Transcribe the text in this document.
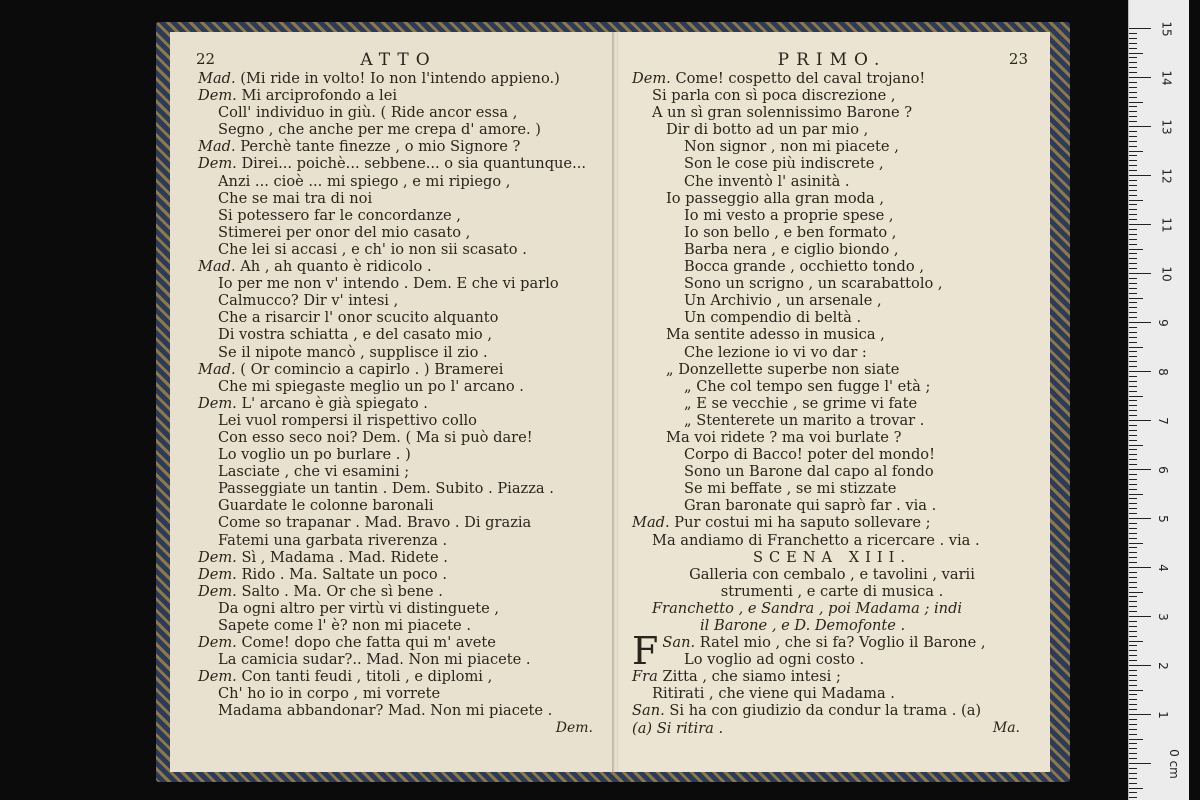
22	ATTO
Mad. (Mi ride in volto! Io non l'intendo appieno.)
Dem. Mi arciprofondo a lei
Coll' individuo in giù. ( Ride ancor essa ,
Segno , che anche per me crepa d' amore. )
Mad. Perchè tante finezze , o mio Signore ?
Dem. Direi... poichè... sebbene... o sia quantunque...
Anzi ... cioè ... mi spiego , e mi ripiego ,
Che se mai tra di noi
Si potessero far le concordanze ,
Stimerei per onor del mio casato ,
Che lei si accasi , e ch' io non sii scasato .
Mad. Ah , ah quanto è ridicolo .
Io per me non v' intendo . Dem. E che vi parlo
Calmucco? Dir v' intesi ,
Che a risarcir l' onor scucito alquanto
Di vostra schiatta , e del casato mio ,
Se il nipote mancò , supplisce il zio .
Mad. ( Or comincio a capirlo . ) Bramerei
Che mi spiegaste meglio un po l' arcano .
Dem. L' arcano è già spiegato .
Lei vuol rompersi il rispettivo collo
Con esso seco noi? Dem. ( Ma si può dare!
Lo voglio un po burlare . )
Lasciate , che vi esamini ;
Passeggiate un tantin . Dem. Subito . Piazza .
Guardate le colonne baronali
Come so trapanar . Mad. Bravo . Di grazia
Fatemi una garbata riverenza .
Dem. Sì , Madama . Mad. Ridete .
Dem. Rido . Ma. Saltate un poco .
Dem. Salto . Ma. Or che sì bene .
Da ogni altro per virtù vi distinguete ,
Sapete come l' è? non mi piacete .
Dem. Come! dopo che fatta qui m' avete
La camicia sudar?.. Mad. Non mi piacete .
Dem. Con tanti feudi , titoli , e diplomi ,
Ch' ho io in corpo , mi vorrete
Madama abbandonar? Mad. Non mi piacete .
Dem.
PRIMO.	23
Dem. Come! cospetto del caval trojano!
Si parla con sì poca discrezione ,
A un sì gran solennissimo Barone ?
Dir di botto ad un par mio ,
Non signor , non mi piacete ,
Son le cose più indiscrete ,
Che inventò l' asinità .
Io passeggio alla gran moda ,
Io mi vesto a proprie spese ,
Io son bello , e ben formato ,
Barba nera , e ciglio biondo ,
Bocca grande , occhietto tondo ,
Sono un scrigno , un scarabattolo ,
Un Archivio , un arsenale ,
Un compendio di beltà .
Ma sentite adesso in musica ,
Che lezione io vi vo dar :
„ Donzellette superbe non siate
„ Che col tempo sen fugge l' età ;
„ E se vecchie , se grime vi fate
„ Stenterete un marito a trovar .
Ma voi ridete ? ma voi burlate ?
Corpo di Bacco! poter del mondo!
Sono un Barone dal capo al fondo
Se mi beffate , se mi stizzate
Gran baronate qui saprò far . via .
Mad. Pur costui mi ha saputo sollevare ;
Ma andiamo di Franchetto a ricercare . via .
SCENA XIII.
Galleria con cembalo , e tavolini , varii
strumenti , e carte di musica .
Franchetto , e Sandra , poi Madama ; indi
il Barone , e D. Demofonte .
San.
F	Ratel mio , che si fa? Voglio il Barone ,
Lo voglio ad ogni costo .
Fra Zitta , che siamo intesi ;
Ritirati , che viene qui Madama .
San. Si ha con giudizio da condur la trama . (a)
(a) Si ritira .	Ma.
15
14
13
12
11
10
9
8
7
6
5
4
3
2
1
0 cm
